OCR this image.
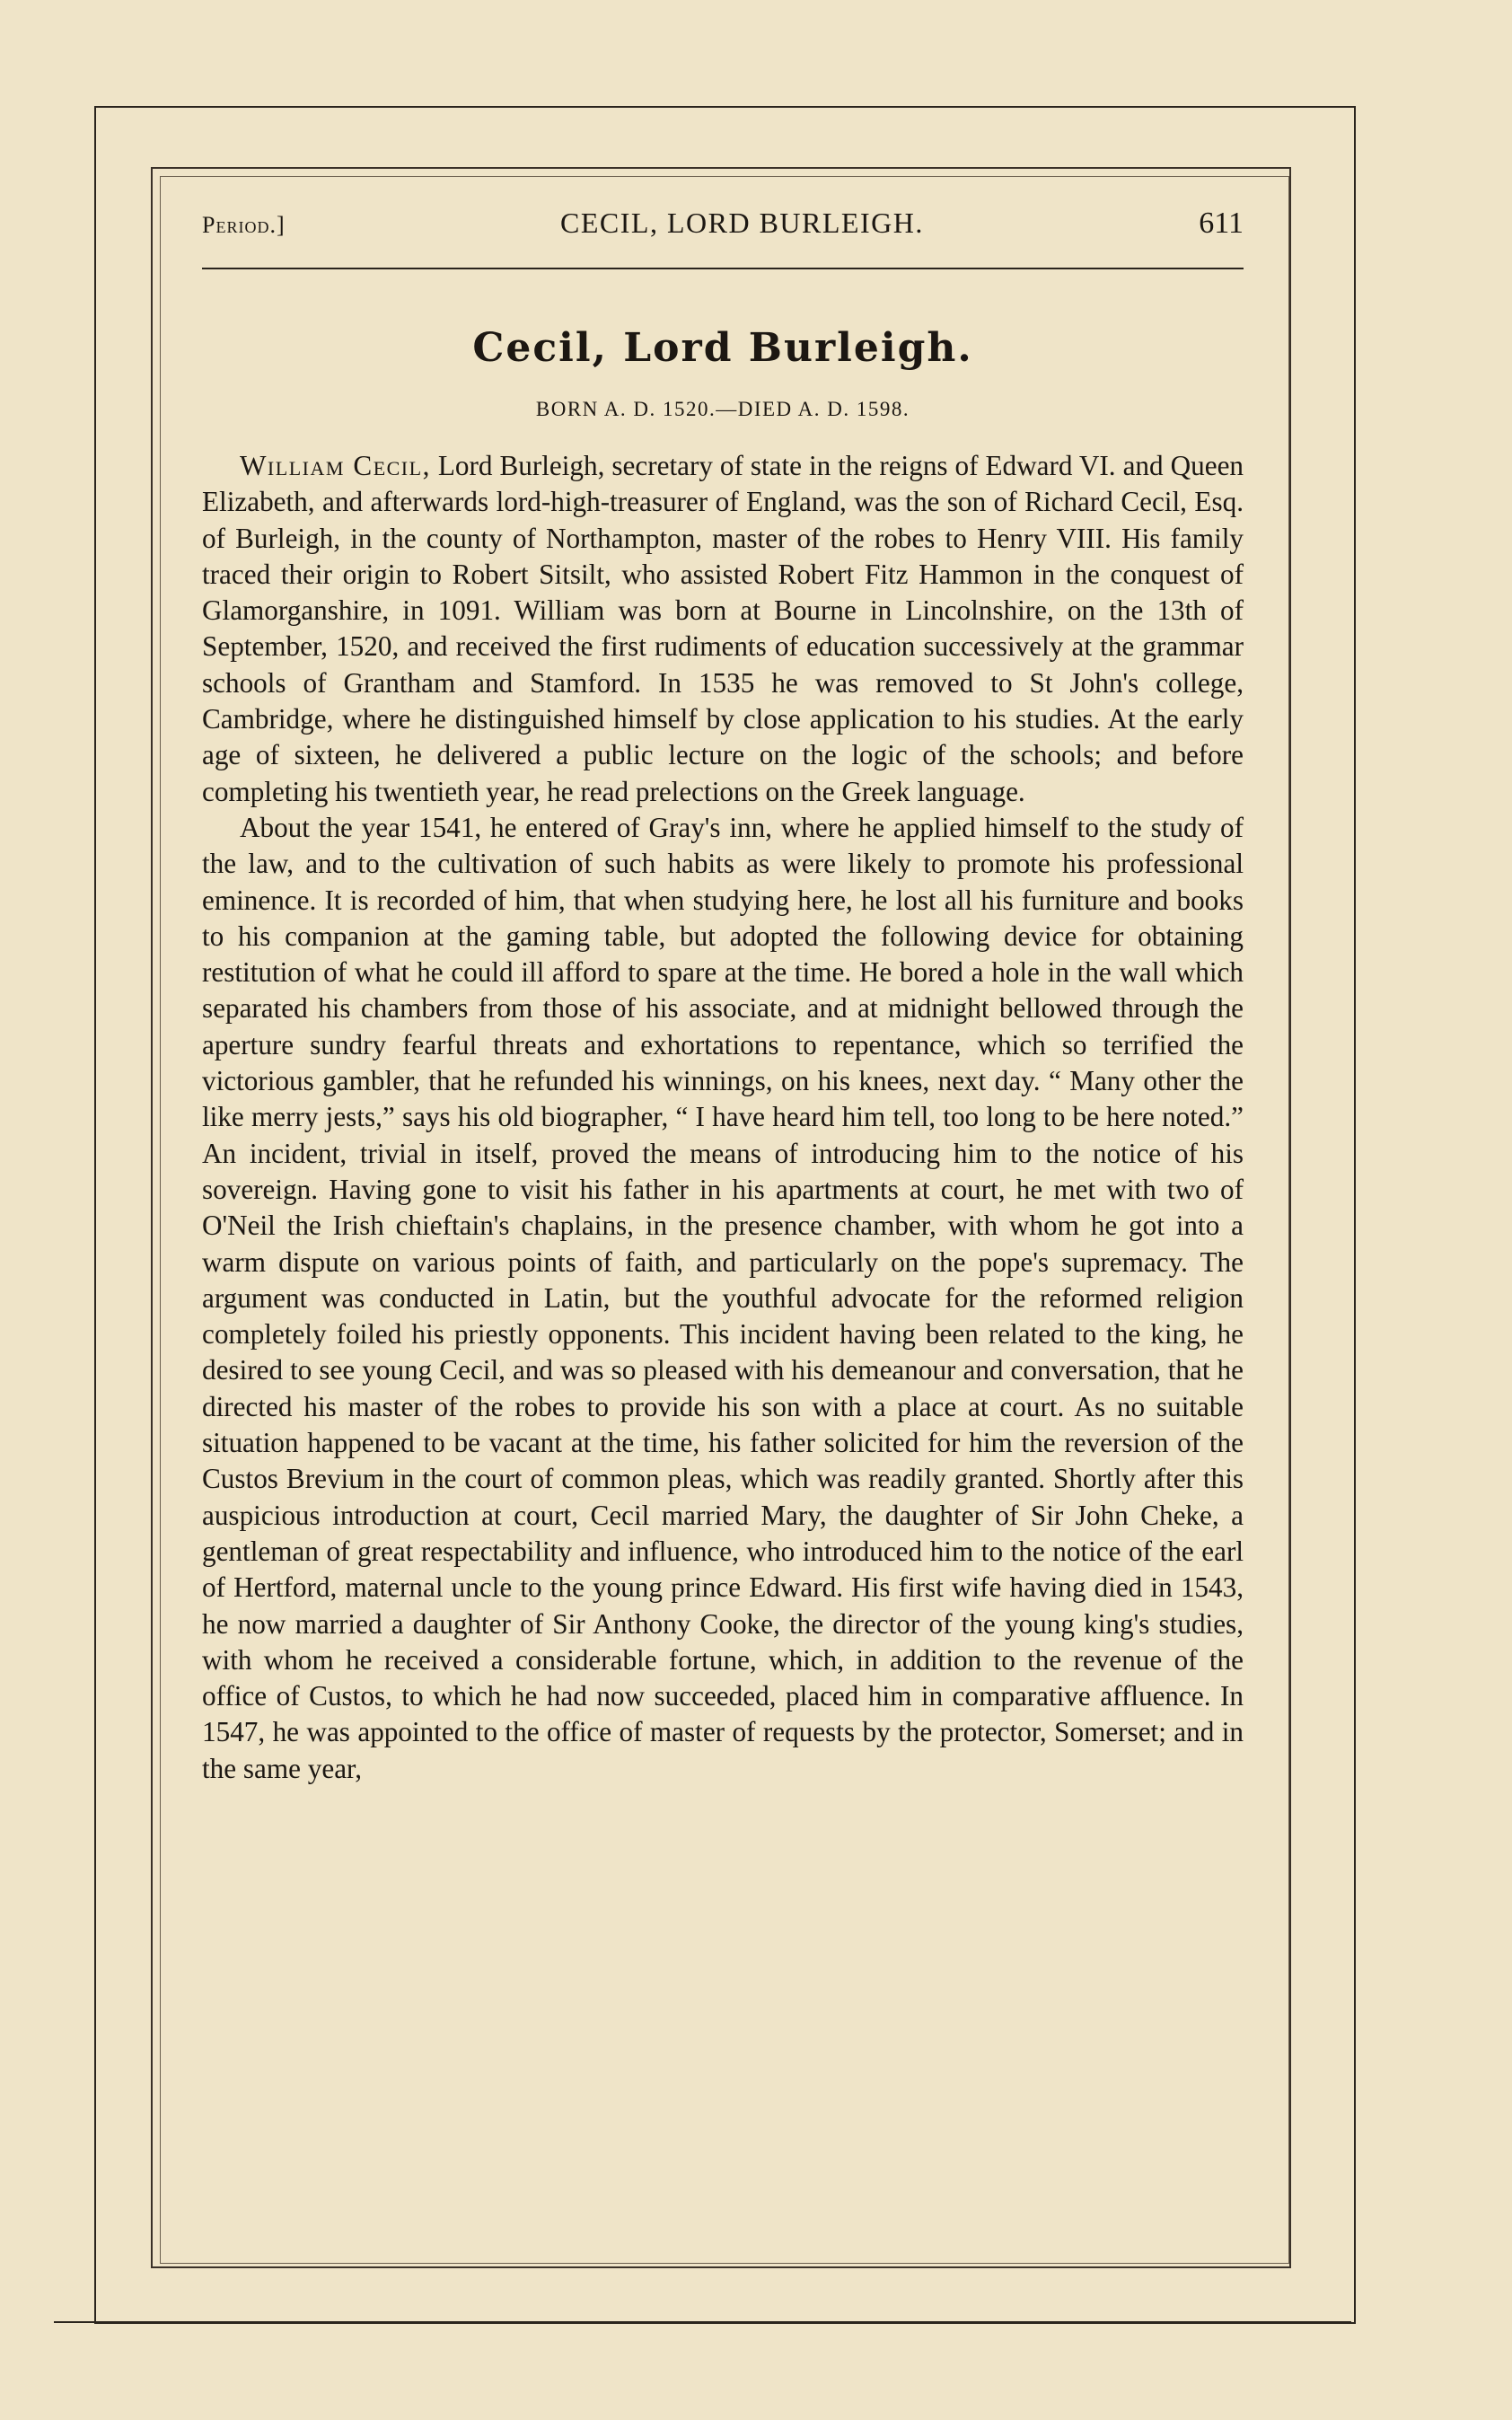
Period.]	CECIL, LORD BURLEIGH.	611
Cecil, Lord Burleigh.
BORN A. D. 1520.—DIED A. D. 1598.

William Cecil, Lord Burleigh, secretary of state in the reigns of Edward VI. and Queen Elizabeth, and afterwards lord-high-treasurer of England, was the son of Richard Cecil, Esq. of Burleigh, in the county of Northampton, master of the robes to Henry VIII. His family traced their origin to Robert Sitsilt, who assisted Robert Fitz Hammon in the conquest of Glamorganshire, in 1091. William was born at Bourne in Lincolnshire, on the 13th of September, 1520, and received the first rudiments of education successively at the grammar schools of Grantham and Stamford. In 1535 he was removed to St John's college, Cambridge, where he distinguished himself by close application to his studies. At the early age of sixteen, he delivered a public lecture on the logic of the schools; and before completing his twentieth year, he read prelections on the Greek language.

About the year 1541, he entered of Gray's inn, where he applied himself to the study of the law, and to the cultivation of such habits as were likely to promote his professional eminence. It is recorded of him, that when studying here, he lost all his furniture and books to his companion at the gaming table, but adopted the following device for obtaining restitution of what he could ill afford to spare at the time. He bored a hole in the wall which separated his chambers from those of his associate, and at midnight bellowed through the aperture sundry fearful threats and exhortations to repentance, which so terrified the victorious gambler, that he refunded his winnings, on his knees, next day. “ Many other the like merry jests,” says his old biographer, “ I have heard him tell, too long to be here noted.” An incident, trivial in itself, proved the means of introducing him to the notice of his sovereign. Having gone to visit his father in his apartments at court, he met with two of O'Neil the Irish chieftain's chaplains, in the presence chamber, with whom he got into a warm dispute on various points of faith, and particularly on the pope's supremacy. The argument was conducted in Latin, but the youthful advocate for the reformed religion completely foiled his priestly opponents. This incident having been related to the king, he desired to see young Cecil, and was so pleased with his demeanour and conversation, that he directed his master of the robes to provide his son with a place at court. As no suitable situation happened to be vacant at the time, his father solicited for him the reversion of the Custos Brevium in the court of common pleas, which was readily granted. Shortly after this auspicious introduction at court, Cecil married Mary, the daughter of Sir John Cheke, a gentleman of great respectability and influence, who introduced him to the notice of the earl of Hertford, maternal uncle to the young prince Edward. His first wife having died in 1543, he now married a daughter of Sir Anthony Cooke, the director of the young king's studies, with whom he received a considerable fortune, which, in addition to the revenue of the office of Custos, to which he had now succeeded, placed him in comparative affluence. In 1547, he was appointed to the office of master of requests by the protector, Somerset; and in the same year,
